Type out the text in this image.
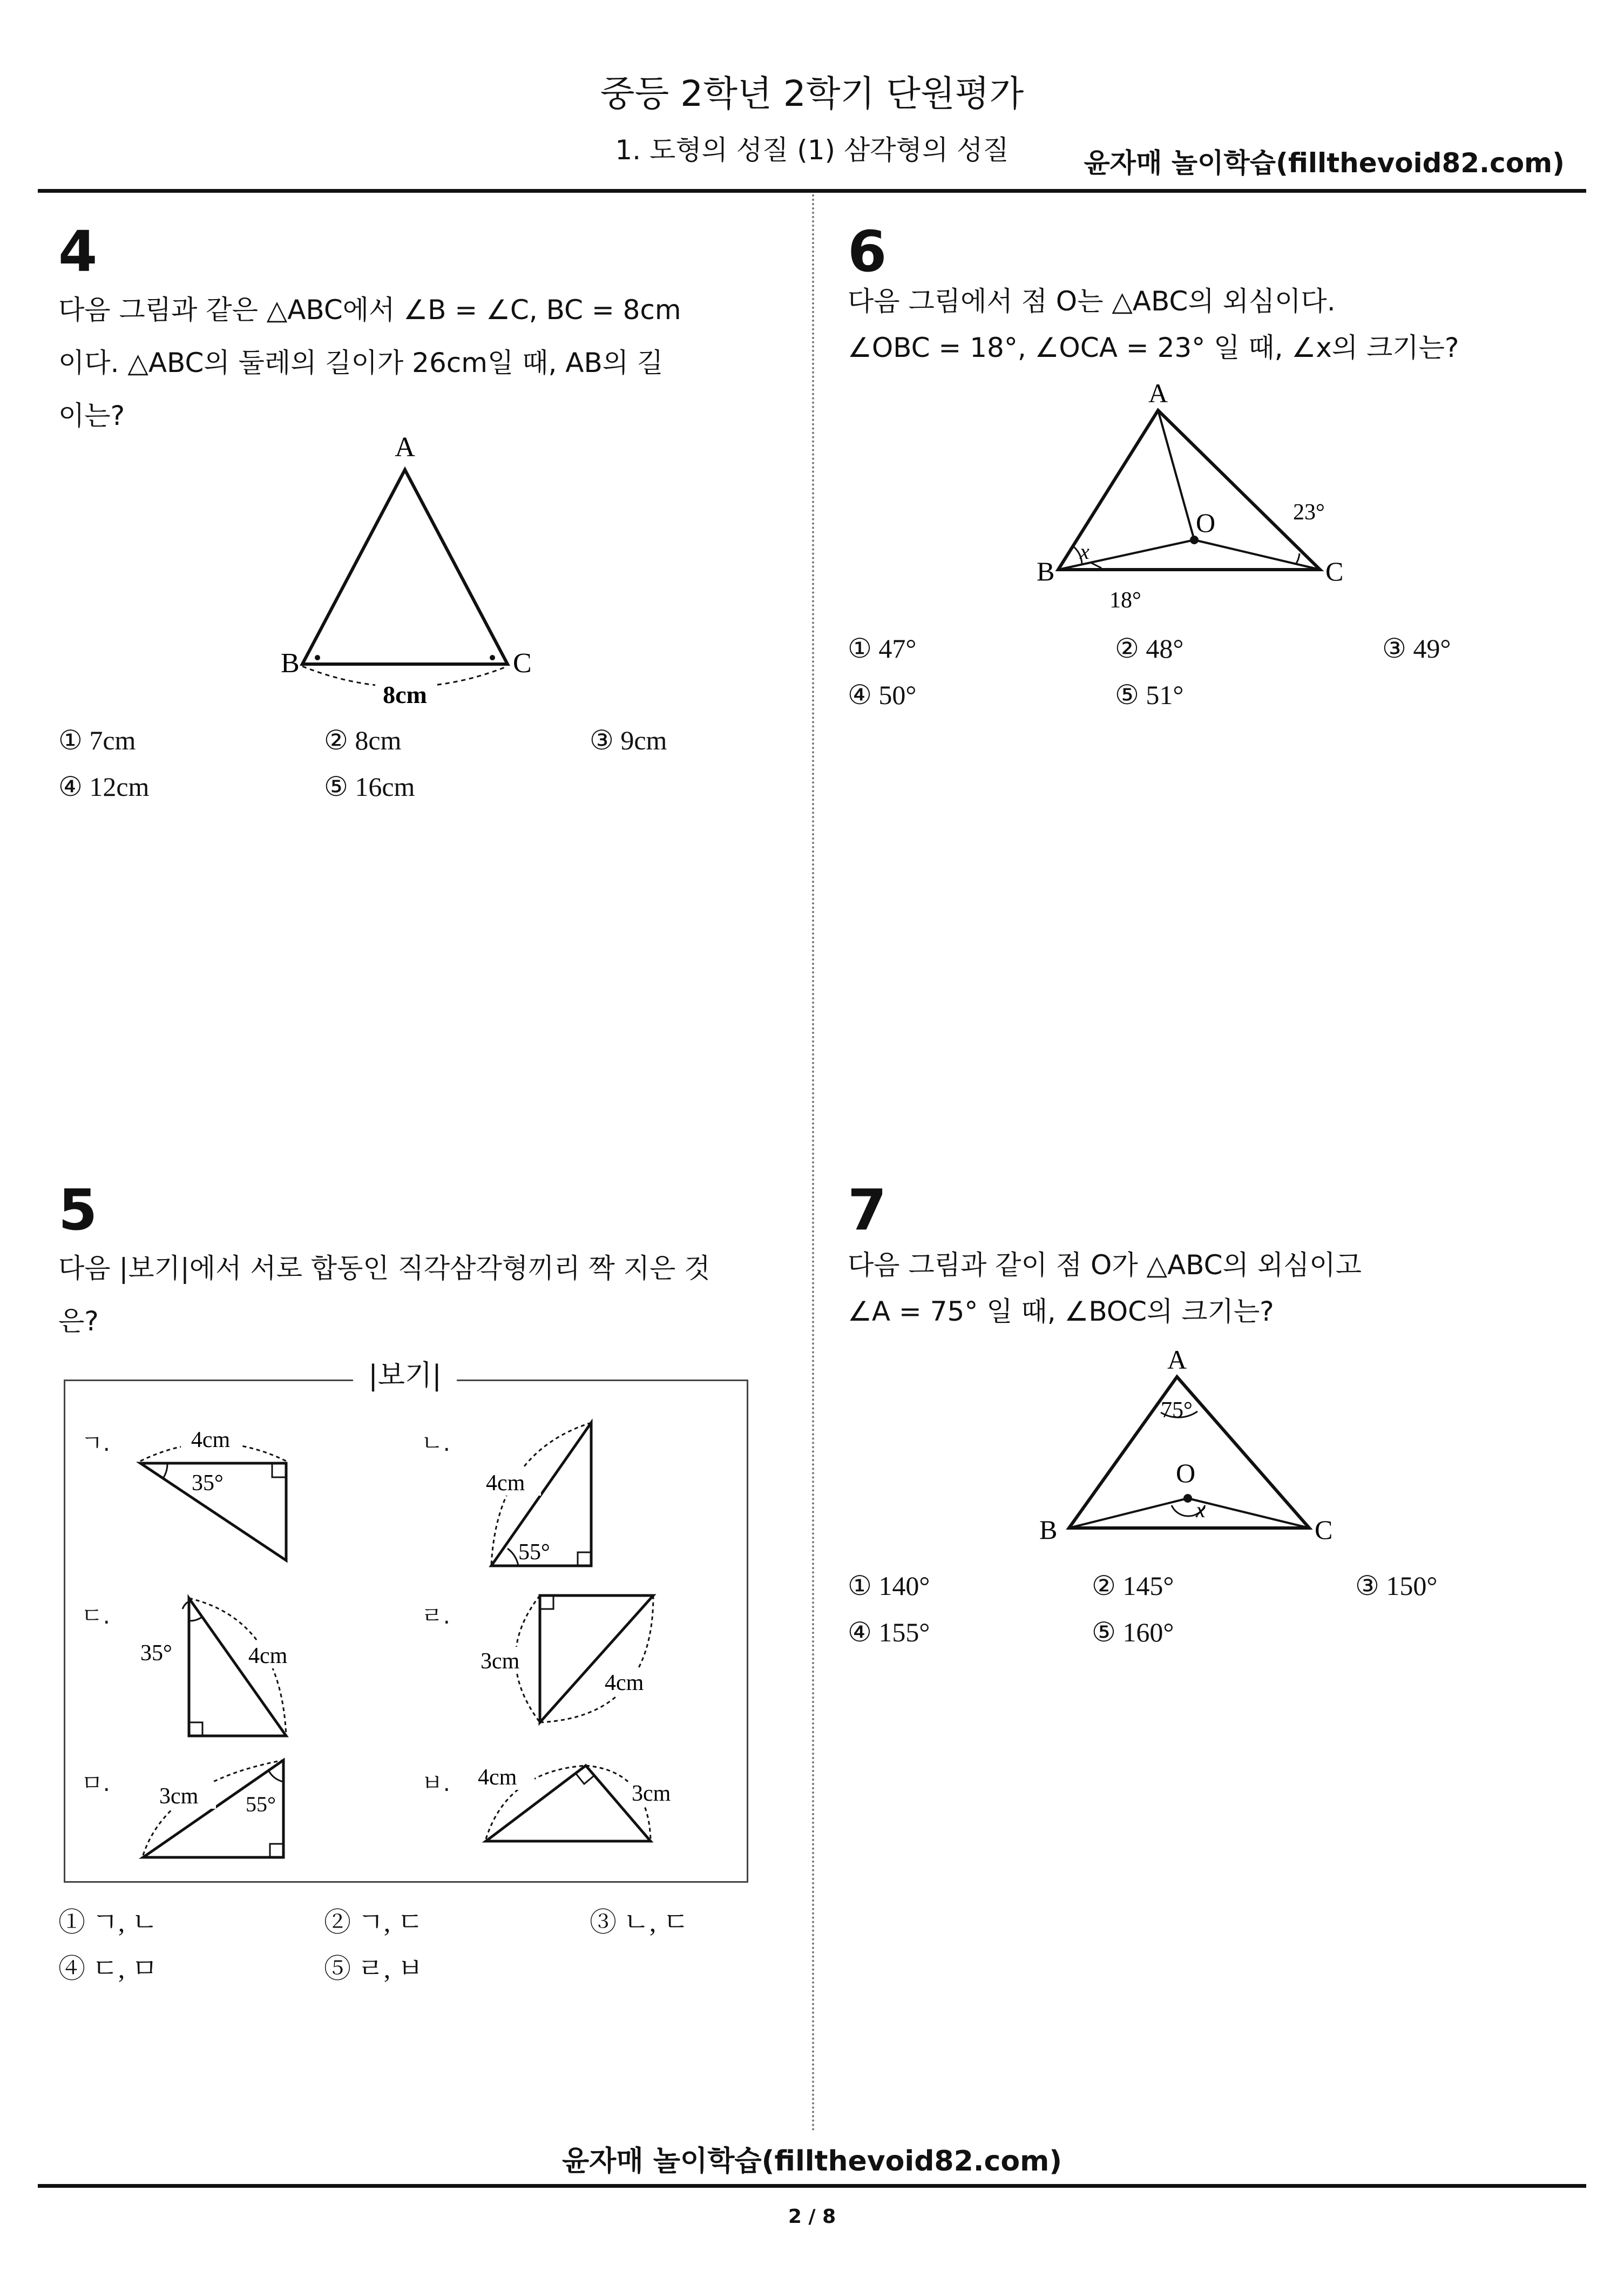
중등 2학년 2학기 단원평가
1. 도형의 성질 (1) 삼각형의 성질	윤자매 놀이학습(fillthevoid82.com)
4
다음 그림과 같은 △ABC에서 ∠B = ∠C, BC = 8cm
이다. △ABC의 둘레의 길이가 26cm일 때, AB의 길
이는?
A
B	C
8cm
① 7cm	② 8cm	③ 9cm
④ 12cm	⑤ 16cm
5
다음 |보기|에서 서로 합동인 직각삼각형끼리 짝 지은 것
은?
|보기|
ㄱ.	ㄴ.
ㄷ.	ㄹ.
ㅁ.	ㅂ.
4cm
35°	4cm
55°
35°	4cm	3cm
4cm
3cm 55°
4cm
3cm
① ㄱ, ㄴ	② ㄱ, ㄷ	③ ㄴ, ㄷ
④ ㄷ, ㅁ	⑤ ㄹ, ㅂ
6
다음 그림에서 점 O는 △ABC의 외심이다.
∠OBC = 18°, ∠OCA = 23° 일 때, ∠x의 크기는?
A
B	C
O
x
23°
18°
① 47°	② 48°	③ 49°
④ 50°	⑤ 51°
7
다음 그림과 같이 점 O가 △ABC의 외심이고
∠A = 75° 일 때, ∠BOC의 크기는?
A
B	C
O
x
75°
① 140°	② 145°	③ 150°
④ 155°	⑤ 160°
윤자매 놀이학습(fillthevoid82.com)
2 / 8
